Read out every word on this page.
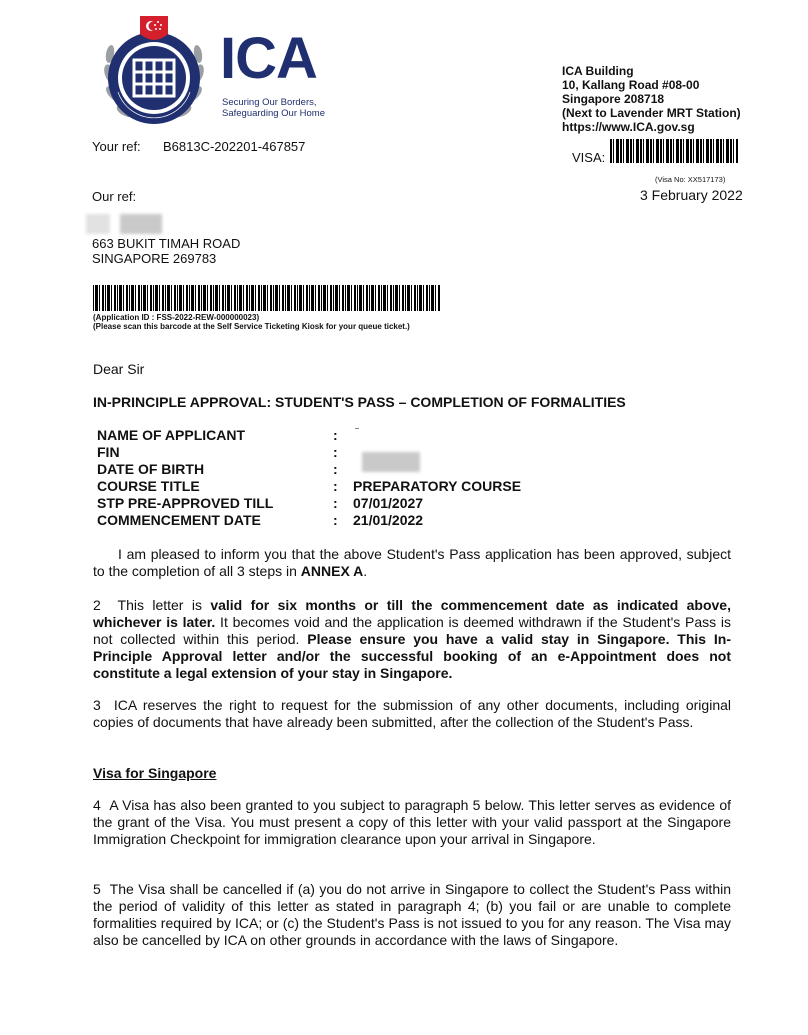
ICA
Securing Our Borders,
Safeguarding Our Home
ICA Building
10, Kallang Road #08-00
Singapore 208718
(Next to Lavender MRT Station)
https://www.ICA.gov.sg
Your ref: B6813C-202201-467857
VISA:
(Visa No: XX517173)
3 February 2022
Our ref:
663 BUKIT TIMAH ROAD
SINGAPORE 269783
(Application ID : FSS-2022-REW-000000023)
(Please scan this barcode at the Self Service Ticketing Kiosk for your queue ticket.)
Dear Sir
IN-PRINCIPLE APPROVAL: STUDENT'S PASS – COMPLETION OF FORMALITIES
NAME OF APPLICANT	:
FIN	:
DATE OF BIRTH	:
COURSE TITLE	:	PREPARATORY COURSE
STP PRE-APPROVED TILL	:	07/01/2027
COMMENCEMENT DATE	:	21/01/2022
I am pleased to inform you that the above Student's Pass application has been approved, subject to the completion of all 3 steps in ANNEX A.
2 This letter is valid for six months or till the commencement date as indicated above, whichever is later. It becomes void and the application is deemed withdrawn if the Student's Pass is not collected within this period. Please ensure you have a valid stay in Singapore. This In-Principle Approval letter and/or the successful booking of an e-Appointment does not constitute a legal extension of your stay in Singapore.
3 ICA reserves the right to request for the submission of any other documents, including original copies of documents that have already been submitted, after the collection of the Student's Pass.
Visa for Singapore
4 A Visa has also been granted to you subject to paragraph 5 below. This letter serves as evidence of the grant of the Visa. You must present a copy of this letter with your valid passport at the Singapore Immigration Checkpoint for immigration clearance upon your arrival in Singapore.
5 The Visa shall be cancelled if (a) you do not arrive in Singapore to collect the Student's Pass within the period of validity of this letter as stated in paragraph 4; (b) you fail or are unable to complete formalities required by ICA; or (c) the Student's Pass is not issued to you for any reason. The Visa may also be cancelled by ICA on other grounds in accordance with the laws of Singapore.
